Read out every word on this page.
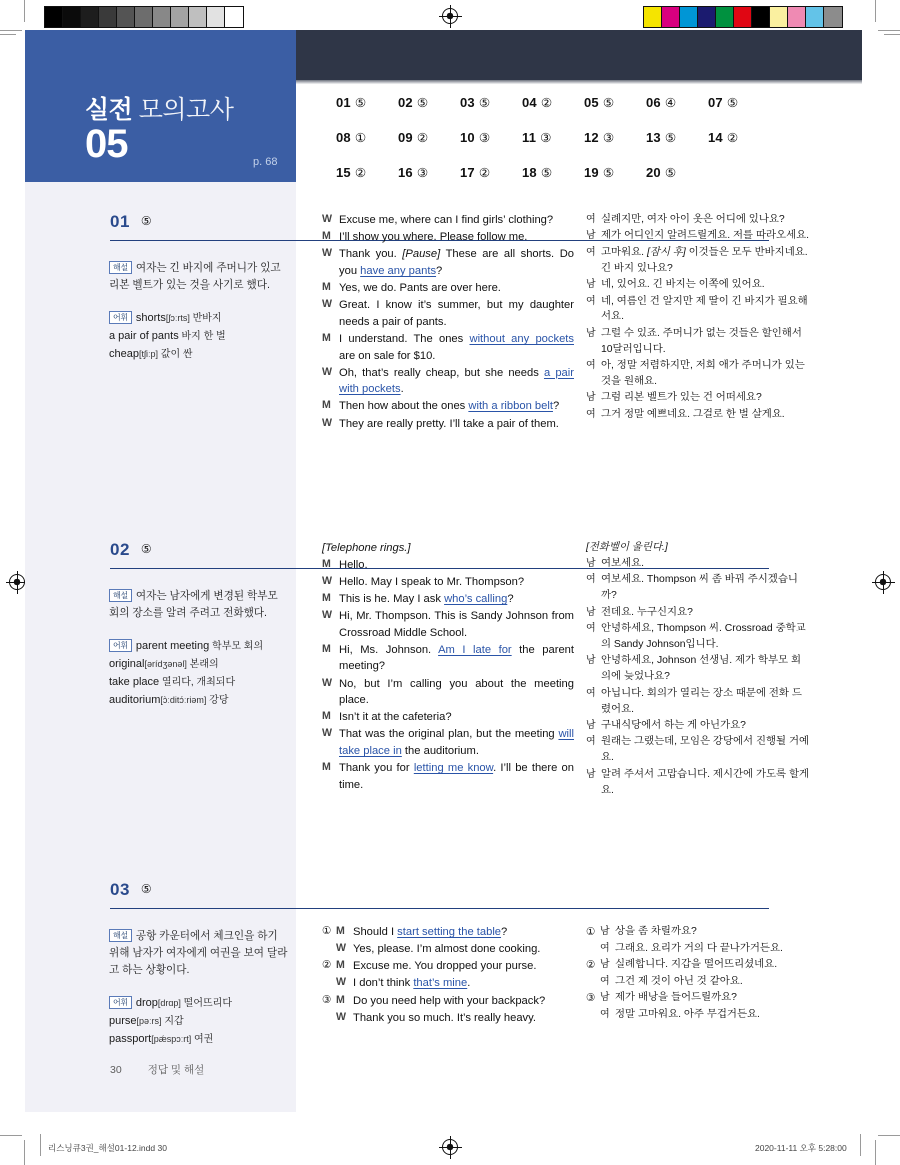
실전 모의고사
05	p. 68
01 ⑤	02 ⑤	03 ⑤	04 ②	05 ⑤	06 ④	07 ⑤
08 ①	09 ②	10 ③	11 ③	12 ③	13 ⑤	14 ②
15 ②	16 ③	17 ②	18 ⑤	19 ⑤	20 ⑤
01 ⑤
해설 여자는 긴 바지에 주머니가 있고 리본 벨트가 있는 것을 사기로 했다.
어휘 shorts[ʃɔːrts] 반바지
a pair of pants 바지 한 벌
cheap[tʃiːp] 값이 싼
W Excuse me, where can I find girls’ clothing?
M I’ll show you where. Please follow me.
W Thank you. [Pause] These are all shorts. Do you have any pants?
M Yes, we do. Pants are over here.
W Great. I know it’s summer, but my daughter needs a pair of pants.
M I understand. The ones without any pockets are on sale for $10.
W Oh, that’s really cheap, but she needs a pair with pockets.
M Then how about the ones with a ribbon belt?
W They are really pretty. I’ll take a pair of them.
여 실례지만, 여자 아이 옷은 어디에 있나요?
남 제가 어디인지 알려드릴게요. 저를 따라오세요.
여 고마워요. [잠시 후] 이것들은 모두 반바지네요. 긴 바지 있나요?
남 네, 있어요. 긴 바지는 이쪽에 있어요.
여 네, 여름인 건 알지만 제 딸이 긴 바지가 필요해서요.
남 그럴 수 있죠. 주머니가 없는 것들은 할인해서 10달러입니다.
여 아, 정말 저렴하지만, 저희 애가 주머니가 있는 것을 원해요.
남 그럼 리본 벨트가 있는 건 어떠세요?
여 그거 정말 예쁘네요. 그걸로 한 벌 살게요.
02 ⑤
해설 여자는 남자에게 변경된 학부모 회의 장소를 알려 주려고 전화했다.
어휘 parent meeting 학부모 회의
original[ərídʒənəl] 본래의
take place 열리다, 개최되다
auditorium[ɔ̀ːditɔ́ːriəm] 강당
[Telephone rings.]
M Hello.
W Hello. May I speak to Mr. Thompson?
M This is he. May I ask who’s calling?
W Hi, Mr. Thompson. This is Sandy Johnson from Crossroad Middle School.
M Hi, Ms. Johnson. Am I late for the parent meeting?
W No, but I’m calling you about the meeting place.
M Isn’t it at the cafeteria?
W That was the original plan, but the meeting will take place in the auditorium.
M Thank you for letting me know. I’ll be there on time.
[전화벨이 울린다.]
남 여보세요.
여 여보세요. Thompson 씨 좀 바꿔 주시겠습니까?
남 전데요. 누구신지요?
여 안녕하세요, Thompson 씨. Crossroad 중학교의 Sandy Johnson입니다.
남 안녕하세요, Johnson 선생님. 제가 학부모 회의에 늦었나요?
여 아닙니다. 회의가 열리는 장소 때문에 전화 드렸어요.
남 구내식당에서 하는 게 아닌가요?
여 원래는 그랬는데, 모임은 강당에서 진행될 거예요.
남 알려 주셔서 고맙습니다. 제시간에 가도록 할게요.
03 ⑤
해설 공항 카운터에서 체크인을 하기 위해 남자가 여자에게 여권을 보여 달라고 하는 상황이다.
어휘 drop[drɑp] 떨어뜨리다
purse[pəːrs] 지갑
passport[pǽspɔːrt] 여권
① M Should I start setting the table?
W Yes, please. I’m almost done cooking.
② M Excuse me. You dropped your purse.
W I don’t think that’s mine.
③ M Do you need help with your backpack?
W Thank you so much. It’s really heavy.
① 남 상을 좀 차릴까요?
여 그래요. 요리가 거의 다 끝나가거든요.
② 남 실례합니다. 지갑을 떨어뜨리셨네요.
여 그건 제 것이 아닌 것 같아요.
③ 남 제가 배낭을 들어드릴까요?
여 정말 고마워요. 아주 무겁거든요.
30 정답 및 해설
리스닝큐3권_해설01-12.indd 30	2020-11-11 오후 5:28:00
